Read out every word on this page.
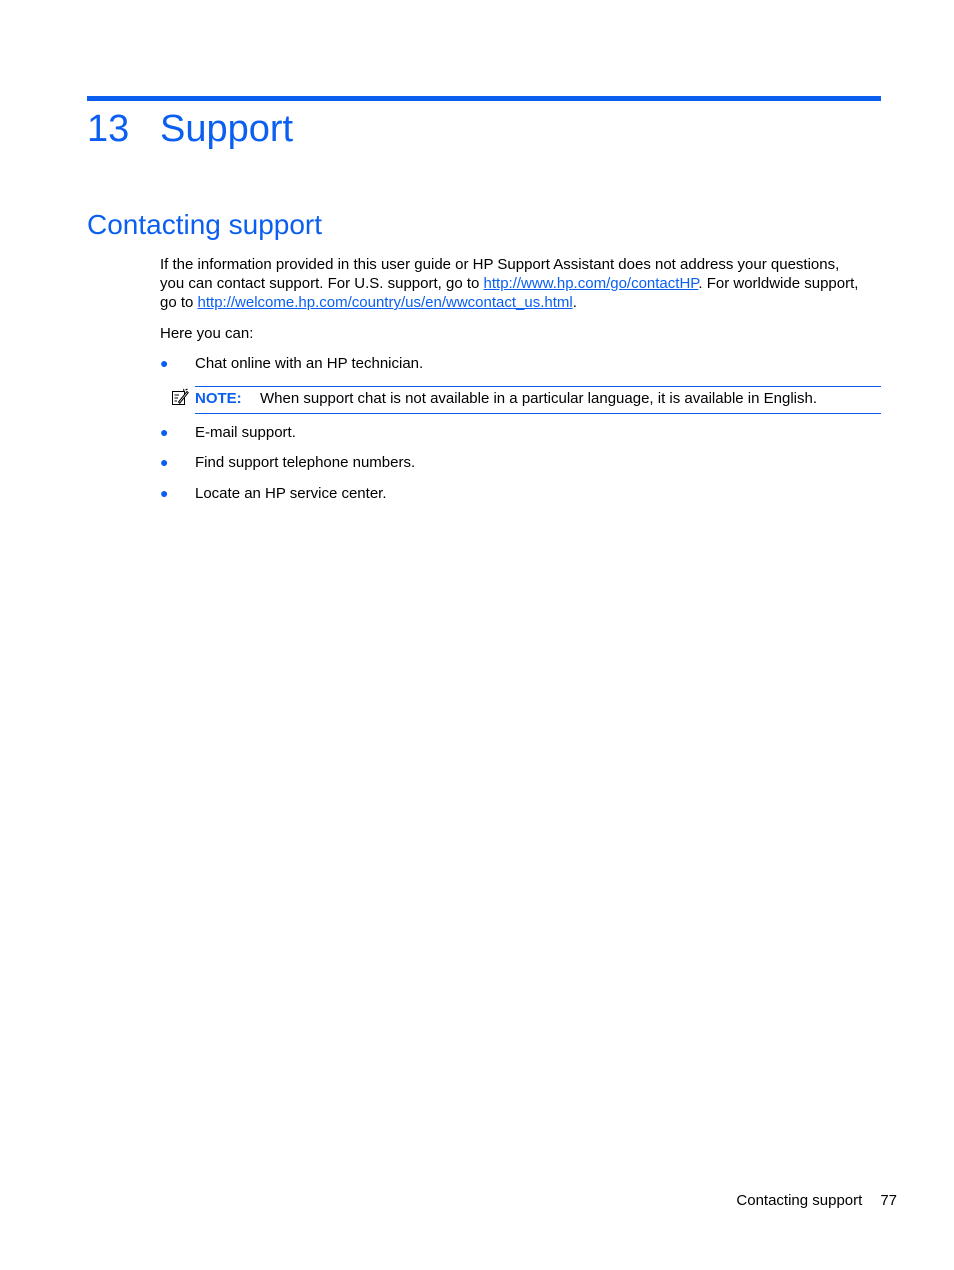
13 Support
Contacting support

If the information provided in this user guide or HP Support Assistant does not address your questions, you can contact support. For U.S. support, go to http://www.hp.com/go/contactHP. For worldwide support, go to http://welcome.hp.com/country/us/en/wwcontact_us.html.

Here you can:

● Chat online with an HP technician.
NOTE: When support chat is not available in a particular language, it is available in English.
● E-mail support.
● Find support telephone numbers.
● Locate an HP service center.
Contacting support 77
